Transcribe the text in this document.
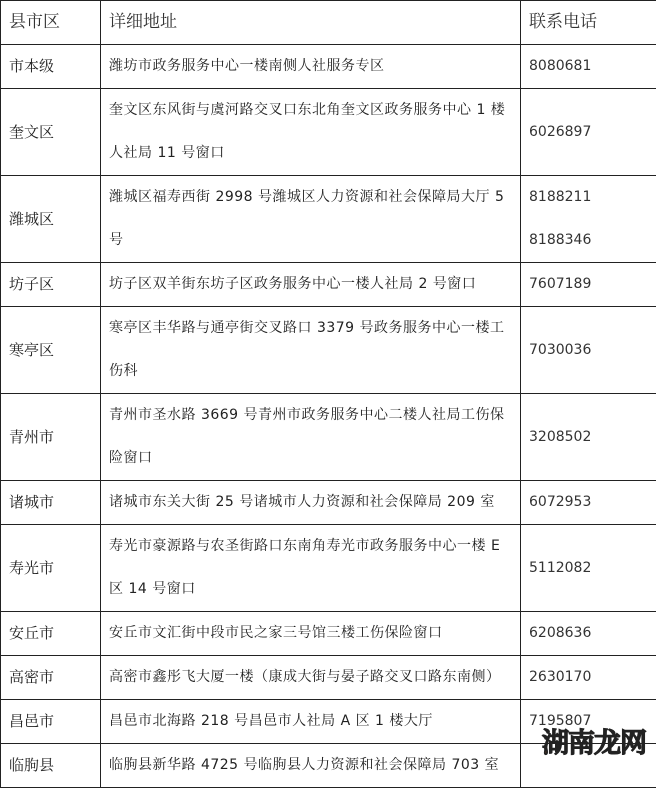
县市区	详细地址	联系电话
市本级	潍坊市政务服务中心一楼南侧人社服务专区	8080681

奎文区	奎文区东风街与虞河路交叉口东北角奎文区政务服务中心 1 楼人社局 11 号窗口	6026897

潍城区	潍城区福寿西街 2998 号潍城区人力资源和社会保障局大厅 5 号	8188211
8188346

坊子区	坊子区双羊街东坊子区政务服务中心一楼人社局 2 号窗口	7607189

寒亭区	寒亭区丰华路与通亭街交叉路口 3379 号政务服务中心一楼工伤科	7030036

青州市	青州市圣水路 3669 号青州市政务服务中心二楼人社局工伤保险窗口	3208502

诸城市	诸城市东关大街 25 号诸城市人力资源和社会保障局 209 室	6072953

寿光市	寿光市豪源路与农圣街路口东南角寿光市政务服务中心一楼 E 区 14 号窗口	5112082

安丘市	安丘市文汇街中段市民之家三号馆三楼工伤保险窗口	6208636

高密市	高密市鑫彤飞大厦一楼（康成大街与晏子路交叉口路东南侧）	2630170

昌邑市	昌邑市北海路 218 号昌邑市人社局 A 区 1 楼大厅	7195807

临朐县	临朐县新华路 4725 号临朐县人力资源和社会保障局 703 室	
湖南龙网
